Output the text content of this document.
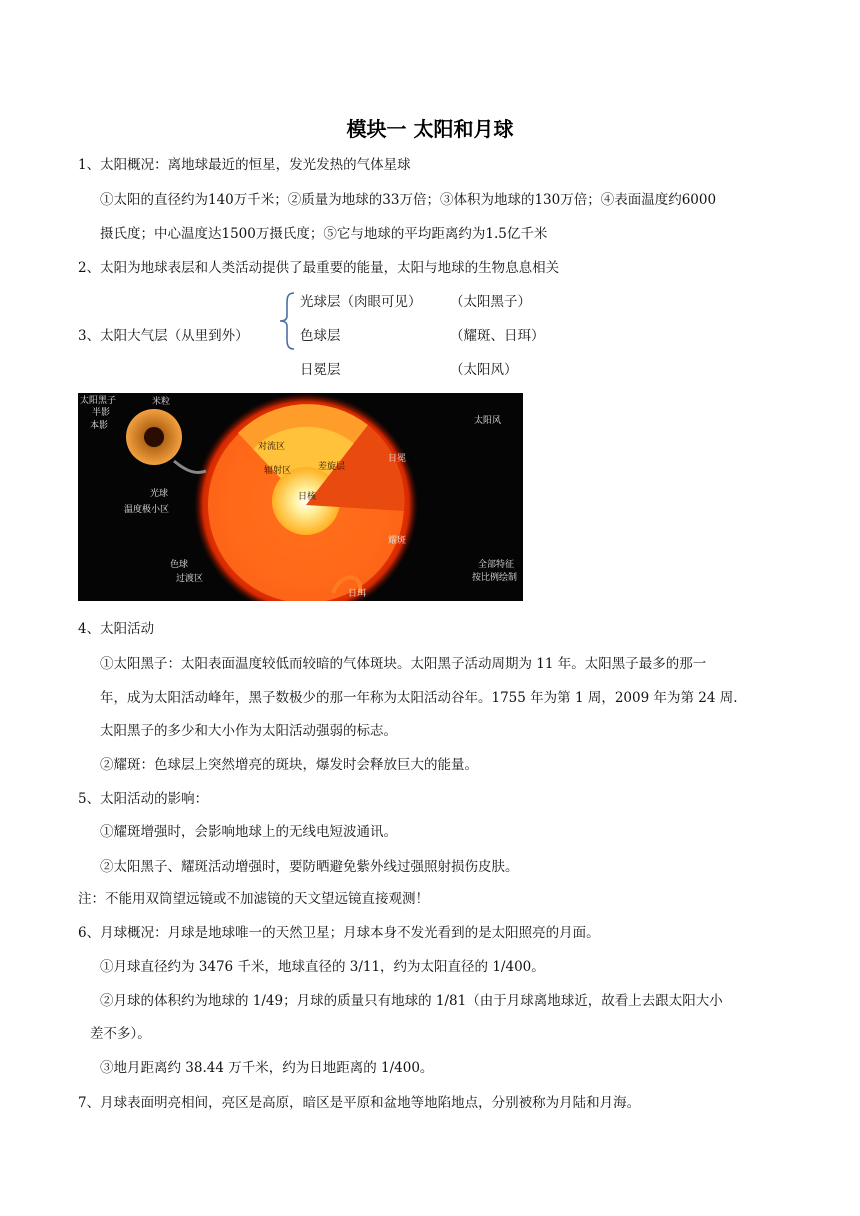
模块一 太阳和月球
1、太阳概况：离地球最近的恒星，发光发热的气体星球
①太阳的直径约为140万千米；②质量为地球的33万倍；③体积为地球的130万倍；④表面温度约6000
摄氏度；中心温度达1500万摄氏度；⑤它与地球的平均距离约为1.5亿千米
2、太阳为地球表层和人类活动提供了最重要的能量，太阳与地球的生物息息相关
3、太阳大气层（从里到外）
光球层（肉眼可见） （太阳黑子）
色球层	（耀斑、日珥）
日冕层	（太阳风）
太阳黑子
半影
本影
米粒
对流区
辐射区	差旋层
日核
日冕
太阳风
光球
温度极小区
耀斑
色球
过渡区
日珥
全部特征
按比例绘制
4、太阳活动
①太阳黑子：太阳表面温度较低而较暗的气体斑块。太阳黑子活动周期为 11 年。太阳黑子最多的那一
年，成为太阳活动峰年，黑子数极少的那一年称为太阳活动谷年。1755 年为第 1 周，2009 年为第 24 周.
太阳黑子的多少和大小作为太阳活动强弱的标志。
②耀斑：色球层上突然增亮的斑块，爆发时会释放巨大的能量。
5、太阳活动的影响：
①耀斑增强时，会影响地球上的无线电短波通讯。
②太阳黑子、耀斑活动增强时，要防晒避免紫外线过强照射损伤皮肤。
注：不能用双筒望远镜或不加滤镜的天文望远镜直接观测！
6、月球概况：月球是地球唯一的天然卫星；月球本身不发光看到的是太阳照亮的月面。
①月球直径约为 3476 千米，地球直径的 3/11，约为太阳直径的 1/400。
②月球的体积约为地球的 1/49；月球的质量只有地球的 1/81（由于月球离地球近，故看上去跟太阳大小
差不多）。
③地月距离约 38.44 万千米，约为日地距离的 1/400。
7、月球表面明亮相间，亮区是高原，暗区是平原和盆地等地陷地点，分别被称为月陆和月海。
